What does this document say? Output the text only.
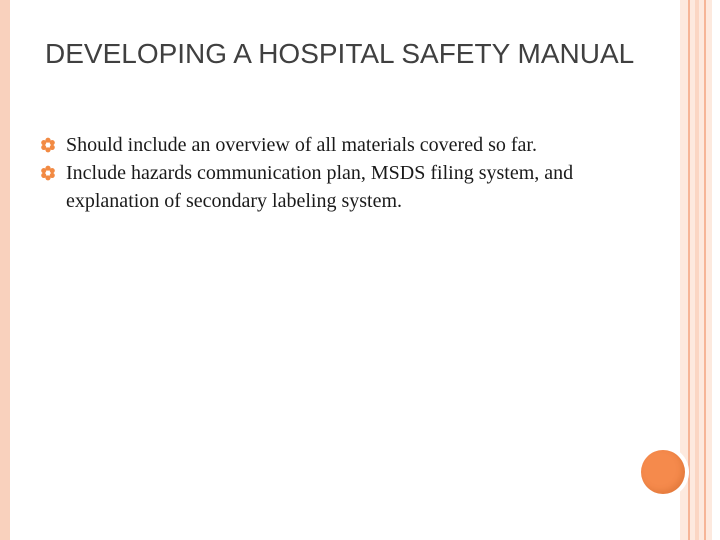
DEVELOPING A HOSPITAL SAFETY MANUAL
Should include an overview of all materials covered so far.
Include hazards communication plan, MSDS filing system, and explanation of secondary labeling system.
